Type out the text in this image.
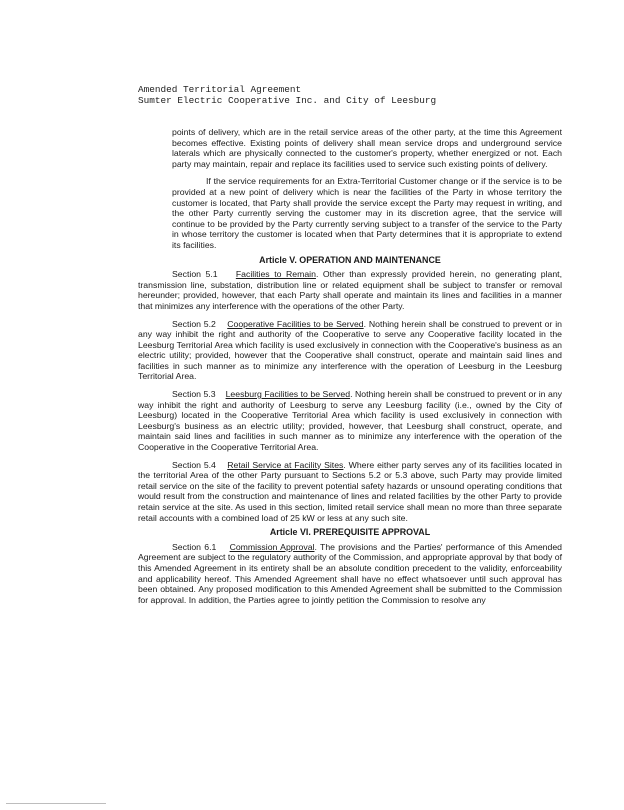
Amended Territorial Agreement
Sumter Electric Cooperative Inc. and City of Leesburg

points of delivery, which are in the retail service areas of the other party, at the time this Agreement becomes effective. Existing points of delivery shall mean service drops and underground service laterals which are physically connected to the customer's property, whether energized or not. Each party may maintain, repair and replace its facilities used to service such existing points of delivery.

If the service requirements for an Extra-Territorial Customer change or if the service is to be provided at a new point of delivery which is near the facilities of the Party in whose territory the customer is located, that Party shall provide the service except the Party may request in writing, and the other Party currently serving the customer may in its discretion agree, that the service will continue to be provided by the Party currently serving subject to a transfer of the service to the Party in whose territory the customer is located when that Party determines that it is appropriate to extend its facilities.

Article V. OPERATION AND MAINTENANCE

Section 5.1 Facilities to Remain. Other than expressly provided herein, no generating plant, transmission line, substation, distribution line or related equipment shall be subject to transfer or removal hereunder; provided, however, that each Party shall operate and maintain its lines and facilities in a manner that minimizes any interference with the operations of the other Party.

Section 5.2 Cooperative Facilities to be Served. Nothing herein shall be construed to prevent or in any way inhibit the right and authority of the Cooperative to serve any Cooperative facility located in the Leesburg Territorial Area which facility is used exclusively in connection with the Cooperative's business as an electric utility; provided, however that the Cooperative shall construct, operate and maintain said lines and facilities in such manner as to minimize any interference with the operation of Leesburg in the Leesburg Territorial Area.

Section 5.3 Leesburg Facilities to be Served. Nothing herein shall be construed to prevent or in any way inhibit the right and authority of Leesburg to serve any Leesburg facility (i.e., owned by the City of Leesburg) located in the Cooperative Territorial Area which facility is used exclusively in connection with Leesburg's business as an electric utility; provided, however, that Leesburg shall construct, operate, and maintain said lines and facilities in such manner as to minimize any interference with the operation of the Cooperative in the Cooperative Territorial Area.

Section 5.4 Retail Service at Facility Sites. Where either party serves any of its facilities located in the territorial Area of the other Party pursuant to Sections 5.2 or 5.3 above, such Party may provide limited retail service on the site of the facility to prevent potential safety hazards or unsound operating conditions that would result from the construction and maintenance of lines and related facilities by the other Party to provide retain service at the site. As used in this section, limited retail service shall mean no more than three separate retail accounts with a combined load of 25 kW or less at any such site.

Article VI. PREREQUISITE APPROVAL

Section 6.1 Commission Approval. The provisions and the Parties' performance of this Amended Agreement are subject to the regulatory authority of the Commission, and appropriate approval by that body of this Amended Agreement in its entirety shall be an absolute condition precedent to the validity, enforceability and applicability hereof. This Amended Agreement shall have no effect whatsoever until such approval has been obtained. Any proposed modification to this Amended Agreement shall be submitted to the Commission for approval. In addition, the Parties agree to jointly petition the Commission to resolve any
